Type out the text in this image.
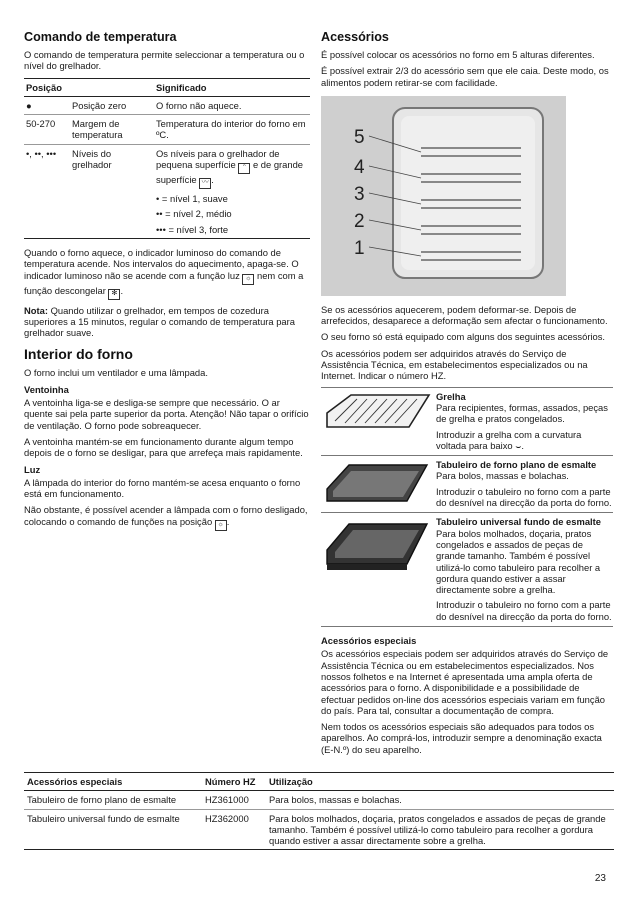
Comando de temperatura

O comando de temperatura permite seleccionar a temperatura ou o nível do grelhador.

Posição		Significado
●	Posição zero	O forno não aquece.
50-270	Margem de temperatura	Temperatura do interior do forno em ºC.
•, ••, •••	Níveis do grelhador	Os níveis para o grelhador de pequena superfície ᵔ e de grande superfície 〰 .
• = nível 1, suave
•• = nível 2, médio
••• = nível 3, forte

Quando o forno aquece, o indicador luminoso do comando de temperatura acende. Nos intervalos do aquecimento, apaga-se. O indicador luminoso não se acende com a função luz ☼ nem com a função descongelar ✻ .

Nota: Quando utilizar o grelhador, em tempos de cozedura superiores a 15 minutos, regular o comando de temperatura para grelhador suave.

Interior do forno

O forno inclui um ventilador e uma lâmpada.

Ventoinha

A ventoinha liga-se e desliga-se sempre que necessário. O ar quente sai pela parte superior da porta. Atenção! Não tapar o orifício de ventilação. O forno pode sobreaquecer.

A ventoinha mantém-se em funcionamento durante algum tempo depois de o forno se desligar, para que arrefeça mais rapidamente.

Luz

A lâmpada do interior do forno mantém-se acesa enquanto o forno está em funcionamento.

Não obstante, é possível acender a lâmpada com o forno desligado, colocando o comando de funções na posição ☼ .

Acessórios

É possível colocar os acessórios no forno em 5 alturas diferentes.

É possível extrair 2/3 do acessório sem que ele caia. Deste modo, os alimentos podem retirar-se com facilidade.

5
4
3
2
1

Se os acessórios aquecerem, podem deformar-se. Depois de arrefecidos, desaparece a deformação sem afectar o funcionamento.

O seu forno só está equipado com alguns dos seguintes acessórios.

Os acessórios podem ser adquiridos através do Serviço de Assistência Técnica, em estabelecimentos especializados ou na Internet. Indicar o número HZ.

Grelha

Para recipientes, formas, assados, peças de grelha e pratos congelados.

Introduzir a grelha com a curvatura voltada para baixo ⌣.

Tabuleiro de forno plano de esmalte

Para bolos, massas e bolachas.

Introduzir o tabuleiro no forno com a parte do desnível na direcção da porta do forno.

Tabuleiro universal fundo de esmalte

Para bolos molhados, doçaria, pratos congelados e assados de peças de grande tamanho. Também é possível utilizá-lo como tabuleiro para recolher a gordura quando estiver a assar directamente sobre a grelha.

Introduzir o tabuleiro no forno com a parte do desnível na direcção da porta do forno.

Acessórios especiais

Os acessórios especiais podem ser adquiridos através do Serviço de Assistência Técnica ou em estabelecimentos especializados. Nos nossos folhetos e na Internet é apresentada uma ampla oferta de acessórios para o forno. A disponibilidade e a possibilidade de efectuar pedidos on-line dos acessórios especiais variam em função do país. Para tal, consultar a documentação de compra.

Nem todos os acessórios especiais são adequados para todos os aparelhos. Ao comprá-los, introduzir sempre a denominação exacta (E-N.º) do seu aparelho.

Acessórios especiais	Número HZ	Utilização
Tabuleiro de forno plano de esmalte	HZ361000	Para bolos, massas e bolachas.
Tabuleiro universal fundo de esmalte	HZ362000	Para bolos molhados, doçaria, pratos congelados e assados de peças de grande tamanho. Também é possível utilizá-lo como tabuleiro para recolher a gordura quando estiver a assar directamente sobre a grelha.
23
